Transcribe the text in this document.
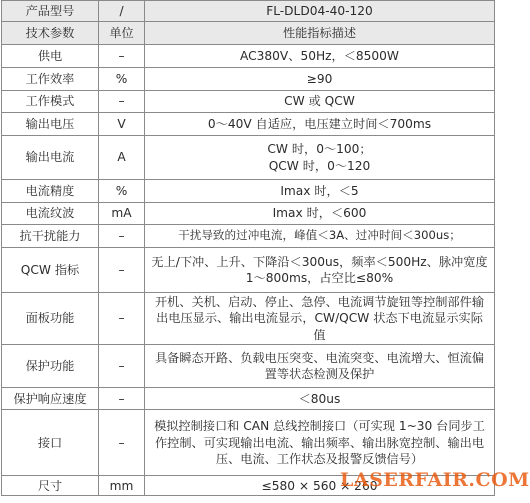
产品型号	/	FL-DLD04-40-120
技术参数	单位	性能指标描述
供电	–	AC380V、50Hz，＜8500W
工作效率	%	≥90
工作模式	–	CW 或 QCW
输出电压	V	0～40V 自适应，电压建立时间＜700ms
输出电流	A	CW 时，0～100；
QCW 时，0～120
电流精度	%	Imax 时，＜5
电流纹波	mA	Imax 时，＜600
抗干扰能力	–	干扰导致的过冲电流，峰值＜3A、过冲时间＜300us；
QCW 指标	–	无上/下冲、上升、下降沿＜300us，频率＜500Hz、脉冲宽度 1～800ms，占空比≤80%
面板功能	–	开机、关机、启动、停止、急停、电流调节旋钮等控制部件输出电压显示、输出电流显示，CW/QCW 状态下电流显示实际值
保护功能	–	具备瞬态开路、负载电压突变、电流突变、电流增大、恒流偏置等状态检测及保护
保护响应速度	–	＜80us
接口	–	模拟控制接口和 CAN 总线控制接口（可实现 1~30 台同步工作控制、可实现输出电流、输出频率、输出脉宽控制、输出电压、电流、工作状态及报警反馈信号）
尺寸	mm	≤580 × 560 × 260
LASERFAIR.COM
